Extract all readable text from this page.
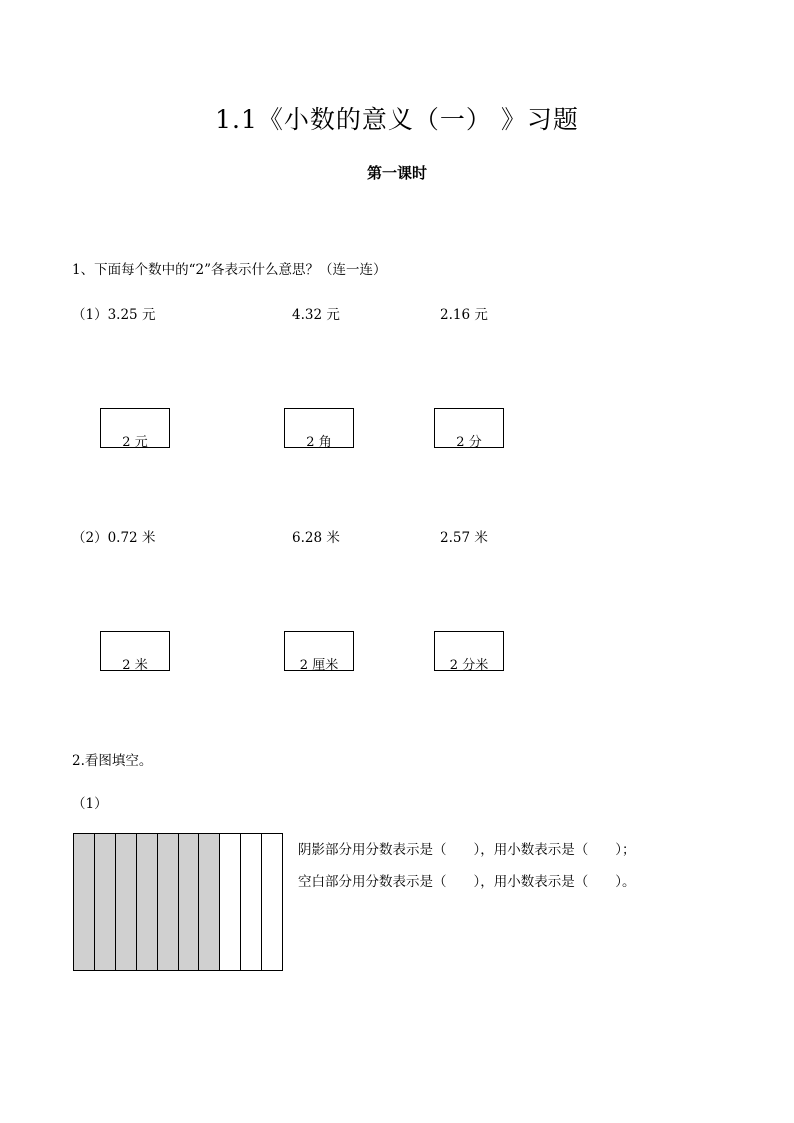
1.1《小数的意义（一） 》习题
第一课时
1、下面每个数中的“2”各表示什么意思？（连一连）
（1）3.25 元	4.32 元	2.16 元
2 元	2 角	2 分
（2）0.72 米	6.28 米	2.57 米
2 米	2 厘米	2 分米
2.看图填空。
（1）
阴影部分用分数表示是（　　），用小数表示是（　　）；
空白部分用分数表示是（　　），用小数表示是（　　）。
